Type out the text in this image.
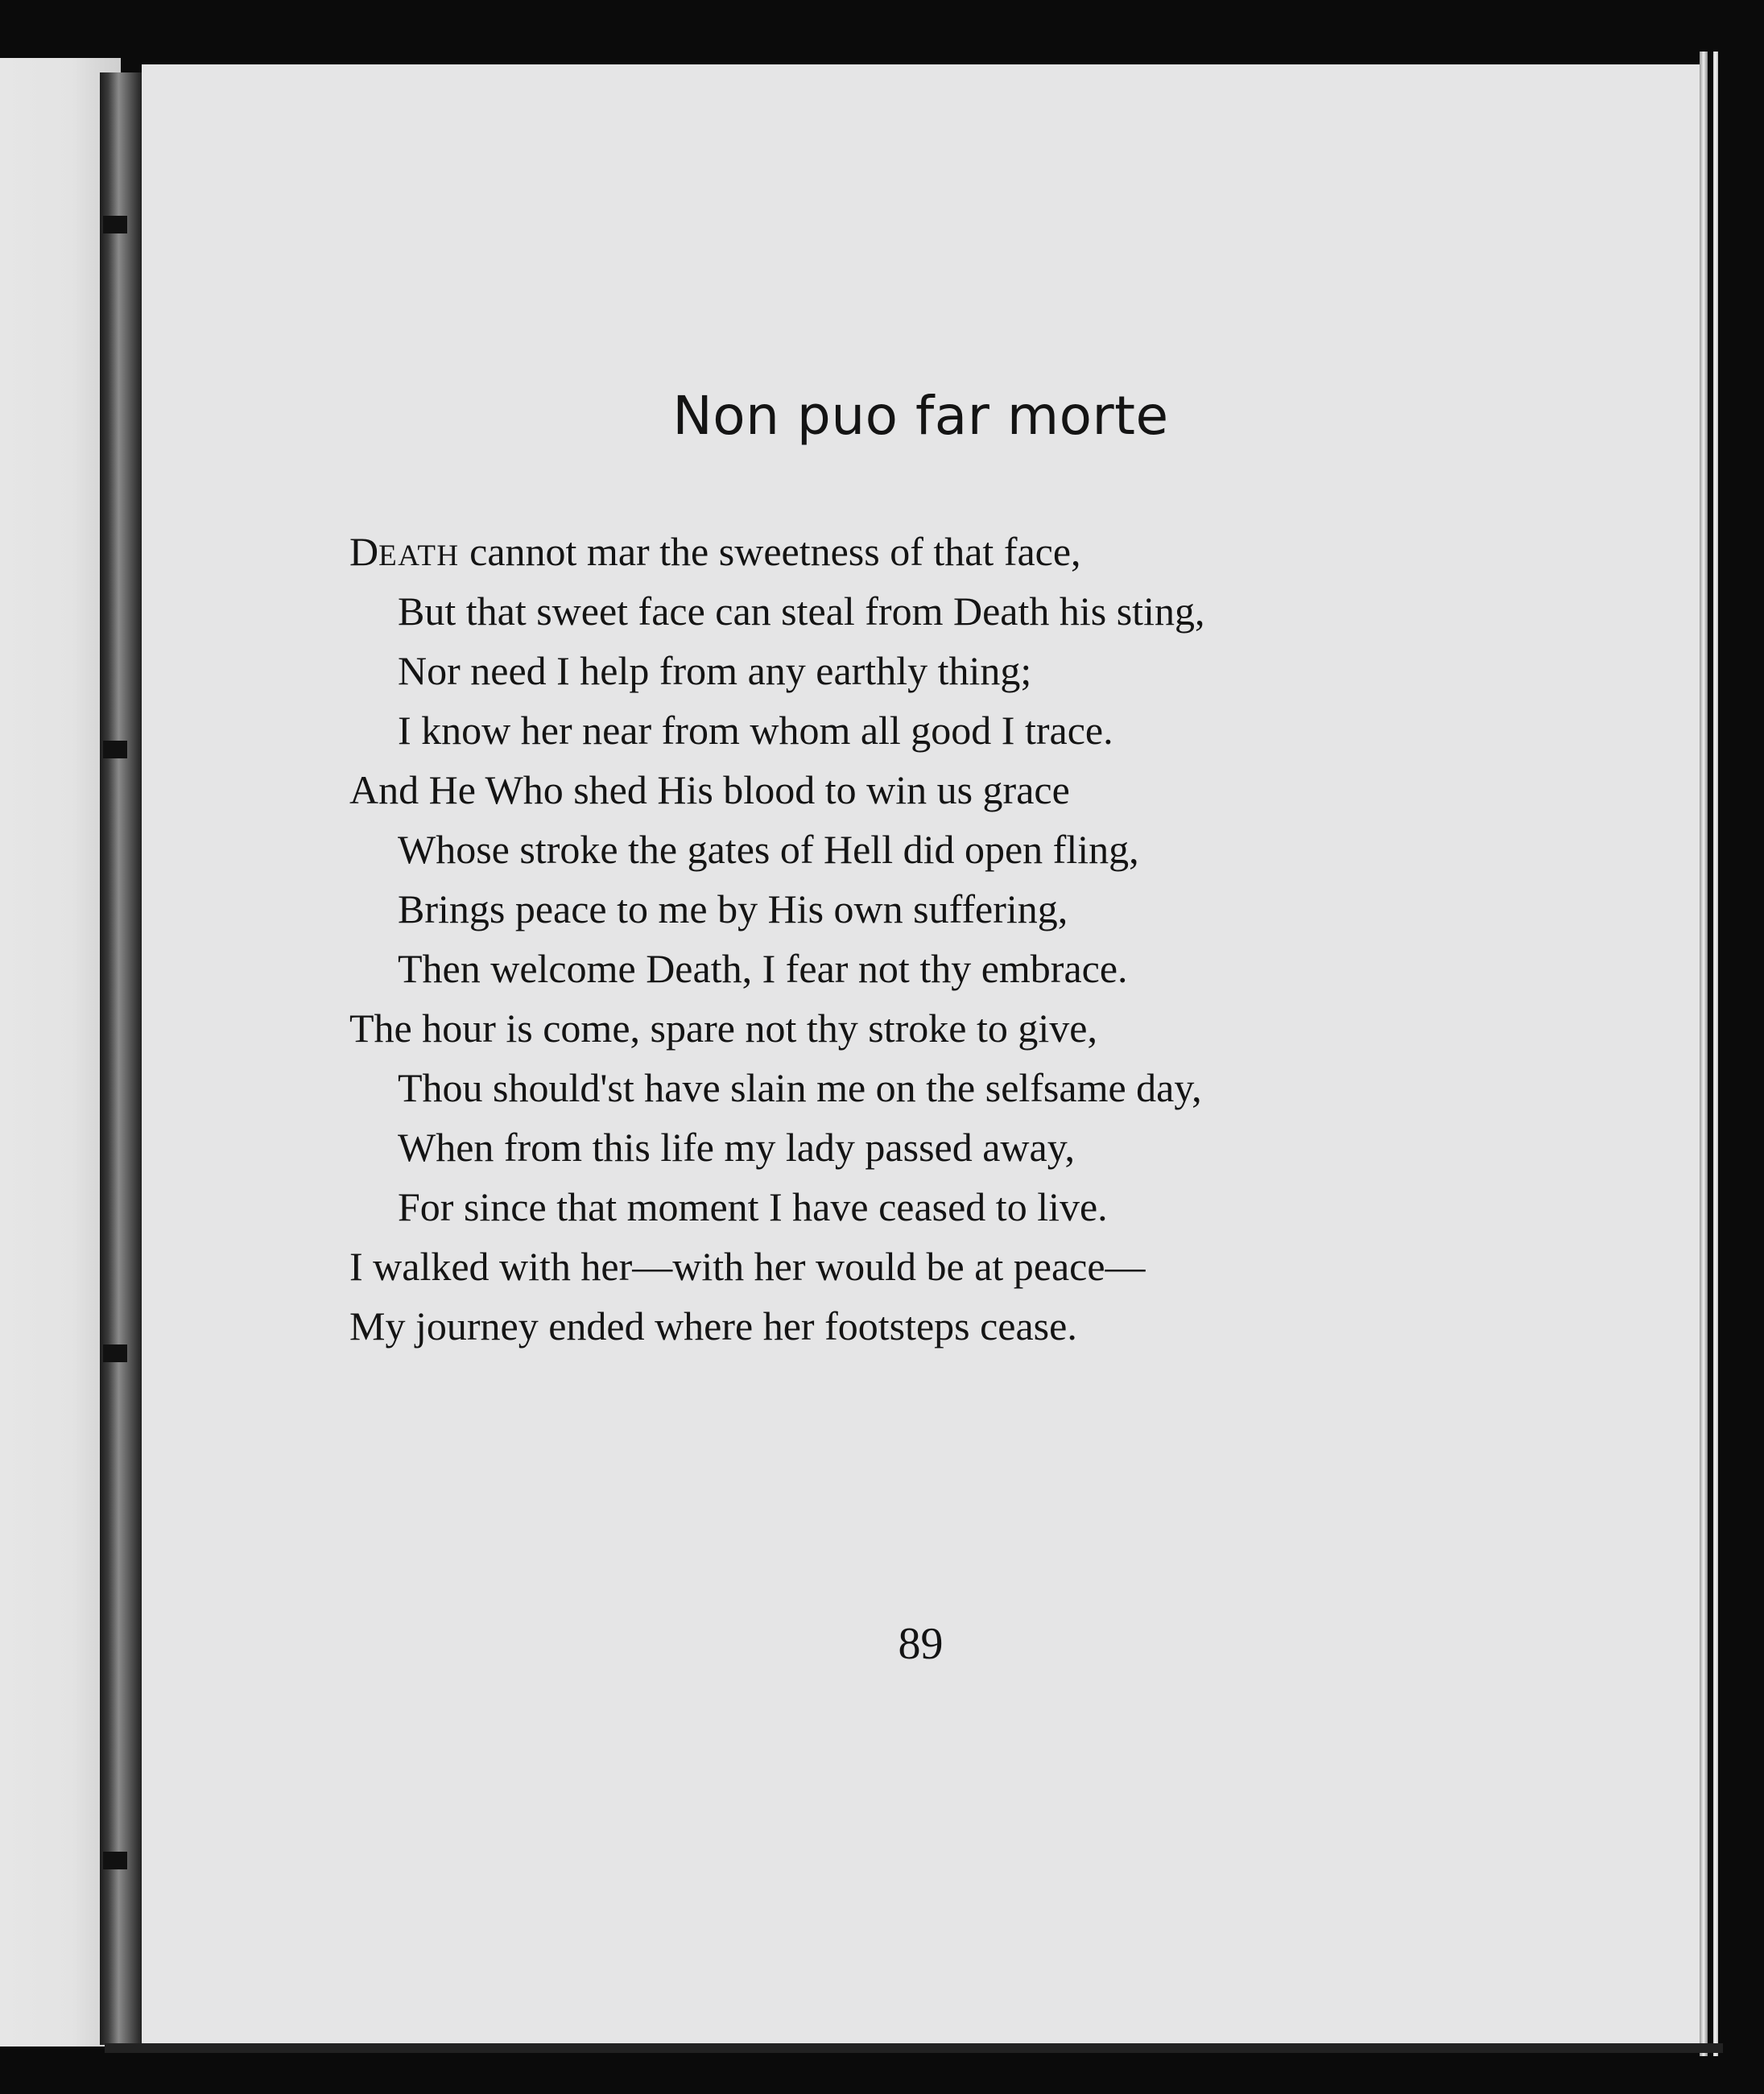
Non puo far morte
DEATH cannot mar the sweetness of that face,
But that sweet face can steal from Death his sting,
Nor need I help from any earthly thing;
I know her near from whom all good I trace.
And He Who shed His blood to win us grace
Whose stroke the gates of Hell did open fling,
Brings peace to me by His own suffering,
Then welcome Death, I fear not thy embrace.
The hour is come, spare not thy stroke to give,
Thou should'st have slain me on the selfsame day,
When from this life my lady passed away,
For since that moment I have ceased to live.
I walked with her—with her would be at peace—
My journey ended where her footsteps cease.
89
